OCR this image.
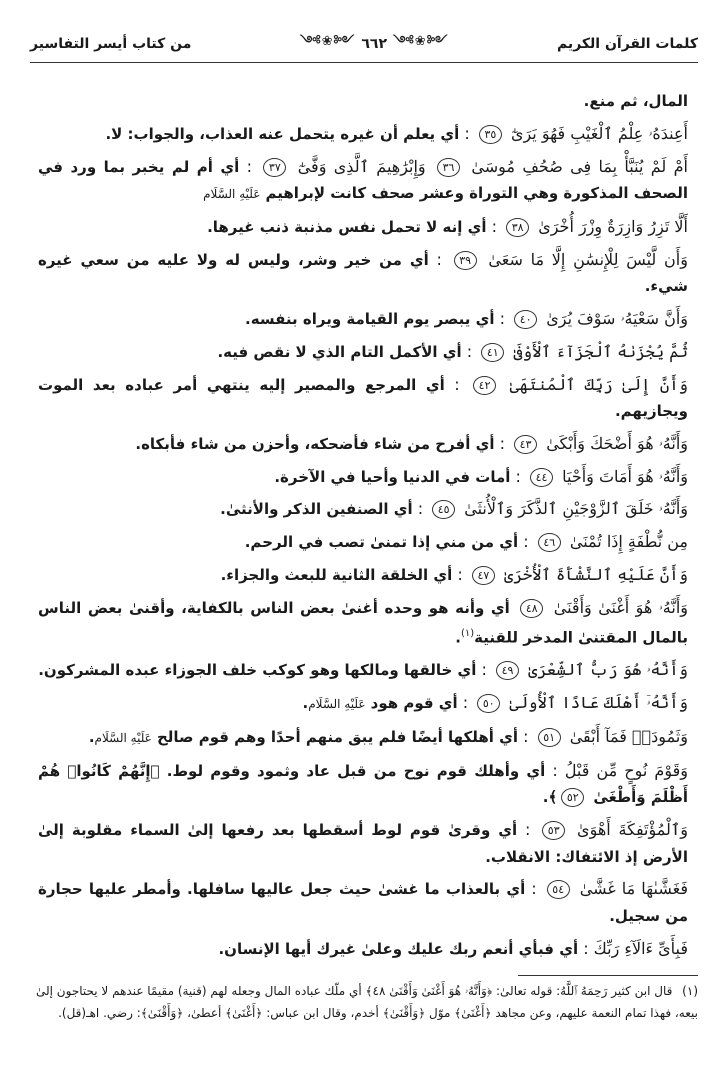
كلمات القرآن الكريم
༺❀༻
٦٦٢
༺❀༻
من كتاب أيسر التفاسير

المال، ثم منع.

أَعِندَهُۥ عِلْمُ ٱلْغَيْبِ فَهُوَ يَرَىٰٓ ٣٥ : أي يعلم أن غيره يتحمل عنه العذاب، والجواب: لا.

أَمْ لَمْ يُنَبَّأْ بِمَا فِى صُحُفِ مُوسَىٰ ٣٦ وَإِبْرَٰهِيمَ ٱلَّذِى وَفَّىٰٓ ٣٧ : أي أم لم يخبر بما ورد في الصحف المذكورة وهي التوراة وعشر صحف كانت لإبراهيم عَلَيْهِ السَّلَام

أَلَّا تَزِرُ وَازِرَةٌ وِزْرَ أُخْرَىٰ ٣٨ : أي إنه لا تحمل نفس مذنبة ذنب غيرها.

وَأَن لَّيْسَ لِلْإِنسَٰنِ إِلَّا مَا سَعَىٰ ٣٩ : أي من خير وشر، وليس له ولا عليه من سعي غيره شيء.

وَأَنَّ سَعْيَهُۥ سَوْفَ يُرَىٰ ٤٠ : أي يبصر يوم القيامة ويراه بنفسه.

ثُمَّ يُجْزَىٰهُ ٱلْجَزَآءَ ٱلْأَوْفَىٰ ٤١ : أي الأكمل التام الذي لا نقص فيه.

وَأَنَّ إِلَىٰ رَبِّكَ ٱلْمُنتَهَىٰ ٤٢ : أي المرجع والمصير إليه ينتهي أمر عباده بعد الموت ويجازيهم.

وَأَنَّهُۥ هُوَ أَضْحَكَ وَأَبْكَىٰ ٤٣ : أي أفرح من شاء فأضحكه، وأحزن من شاء فأبكاه.

وَأَنَّهُۥ هُوَ أَمَاتَ وَأَحْيَا ٤٤ : أمات في الدنيا وأحيا في الآخرة.

وَأَنَّهُۥ خَلَقَ ٱلزَّوْجَيْنِ ٱلذَّكَرَ وَٱلْأُنثَىٰ ٤٥ : أي الصنفين الذكر والأنثىٰ.

مِن نُّطْفَةٍ إِذَا تُمْنَىٰ ٤٦ : أي من مني إذا تمنىٰ تصب في الرحم.

وَأَنَّ عَلَيْهِ ٱلنَّشْأَةَ ٱلْأُخْرَىٰ ٤٧ : أي الخلقة الثانية للبعث والجزاء.

وَأَنَّهُۥ هُوَ أَغْنَىٰ وَأَقْنَىٰ ٤٨ أي وأنه هو وحده أغنىٰ بعض الناس بالكفاية، وأقنىٰ بعض الناس بالمال المقتنىٰ المدخر للقنية$^{(١)}$.

وَأَنَّهُۥ هُوَ رَبُّ ٱلشِّعْرَىٰ ٤٩ : أي خالقها ومالكها وهو كوكب خلف الجوزاء عبده المشركون.

وَأَنَّهُۥٓ أَهْلَكَ عَادًا ٱلْأُولَىٰ ٥٠ : أي قوم هود عَلَيْهِ السَّلَام.

وَثَمُودَا۟ فَمَآ أَبْقَىٰ ٥١ : أي أهلكها أيضًا فلم يبق منهم أحدًا وهم قوم صالح عَلَيْهِ السَّلَام.

وَقَوْمَ نُوحٍ مِّن قَبْلُ : أي وأهلك قوم نوح من قبل عاد وثمود وقوم لوط. ﴿إِنَّهُمْ كَانُوا۟ هُمْ أَظْلَمَ وَأَطْغَىٰ ٥٢﴾.

وَٱلْمُؤْتَفِكَةَ أَهْوَىٰ ٥٣ : أي وقرىٰ قوم لوط أسقطها بعد رفعها إلىٰ السماء مقلوبة إلىٰ الأرض إذ الائتفاك: الانقلاب.

فَغَشَّىٰهَا مَا غَشَّىٰ ٥٤ : أي بالعذاب ما غشىٰ حيث جعل عاليها سافلها. وأمطر عليها حجارة من سجيل.

فَبِأَىِّ ءَالَآءِ رَبِّكَ : أي فبأي أنعم ربك عليك وعلىٰ غيرك أيها الإنسان.

(١) قال ابن كثير رَحِمَهُ ٱللَّهُ: قوله تعالىٰ: ﴿وَأَنَّهُۥ هُوَ أَغْنَىٰ وَأَقْنَىٰ ٤٨﴾ أي ملّك عباده المال وجعله لهم (قنية) مقيمًا عندهم لا يحتاجون إلىٰ بيعه، فهذا تمام النعمة عليهم، وعن مجاهد ﴿أَغْنَىٰ﴾ موّل ﴿وَأَقْنَىٰ﴾ أخدم، وقال ابن عباس: ﴿أَغْنَىٰ﴾ أعطىٰ، ﴿وَأَقْنَىٰ﴾: رضي. اهـ(قل).
